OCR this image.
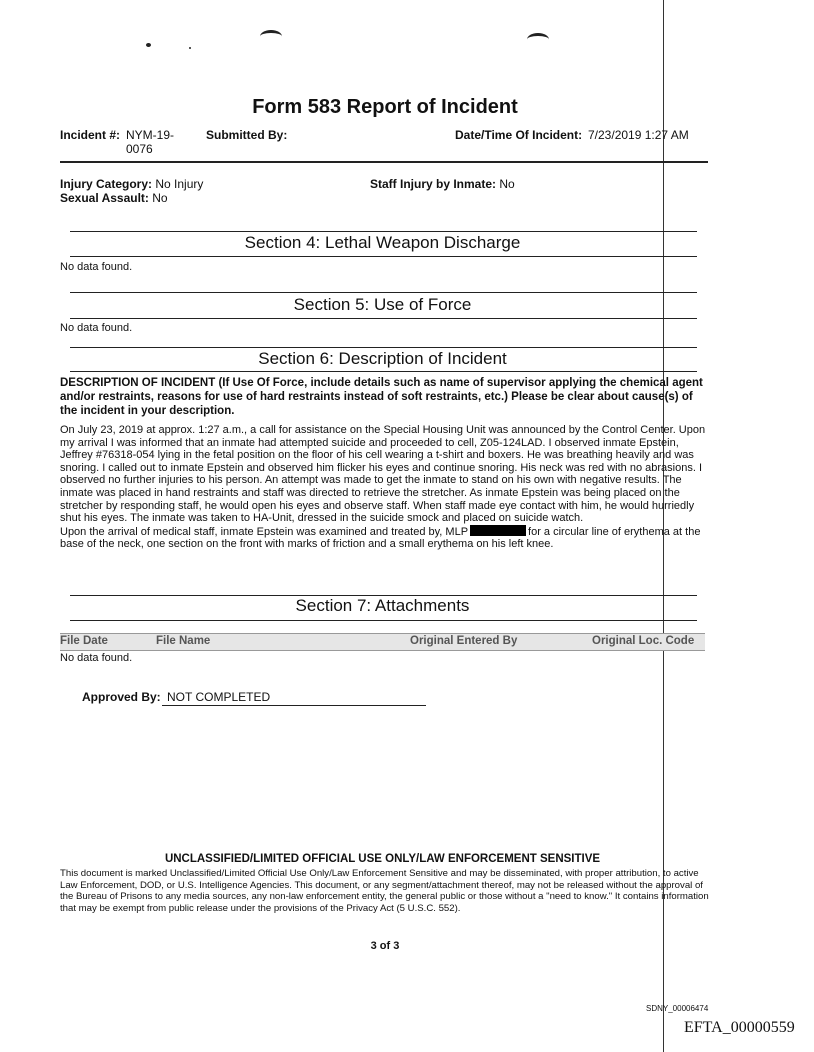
Form 583 Report of Incident
Incident #: NYM-19-
0076
Submitted By:	Date/Time Of Incident: 7/23/2019 1:27 AM
Injury Category: No Injury
Sexual Assault: No
Staff Injury by Inmate: No
Section 4: Lethal Weapon Discharge
No data found.
Section 5: Use of Force
No data found.
Section 6: Description of Incident
DESCRIPTION OF INCIDENT (If Use Of Force, include details such as name of supervisor applying the chemical agent and/or restraints, reasons for use of hard restraints instead of soft restraints, etc.) Please be clear about cause(s) of the incident in your description.
On July 23, 2019 at approx. 1:27 a.m., a call for assistance on the Special Housing Unit was announced by the Control Center. Upon my arrival I was informed that an inmate had attempted suicide and proceeded to cell, Z05-124LAD. I observed inmate Epstein, Jeffrey #76318-054 lying in the fetal position on the floor of his cell wearing a t-shirt and boxers. He was breathing heavily and was snoring. I called out to inmate Epstein and observed him flicker his eyes and continue snoring. His neck was red with no abrasions. I observed no further injuries to his person. An attempt was made to get the inmate to stand on his own with negative results. The inmate was placed in hand restraints and staff was directed to retrieve the stretcher. As inmate Epstein was being placed on the stretcher by responding staff, he would open his eyes and observe staff. When staff made eye contact with him, he would hurriedly shut his eyes. The inmate was taken to HA-Unit, dressed in the suicide smock and placed on suicide watch.
Upon the arrival of medical staff, inmate Epstein was examined and treated by, MLP	for a circular line of erythema at the base of the neck, one section on the front with marks of friction and a small erythema on his left knee.
Section 7: Attachments
File Date	File Name	Original Entered By	Original Loc. Code
No data found.
Approved By: NOT COMPLETED
UNCLASSIFIED/LIMITED OFFICIAL USE ONLY/LAW ENFORCEMENT SENSITIVE
This document is marked Unclassified/Limited Official Use Only/Law Enforcement Sensitive and may be disseminated, with proper attribution, to active Law Enforcement, DOD, or U.S. Intelligence Agencies. This document, or any segment/attachment thereof, may not be released without the approval of the Bureau of Prisons to any media sources, any non-law enforcement entity, the general public or those without a "need to know." It contains information that may be exempt from public release under the provisions of the Privacy Act (5 U.S.C. 552).
3 of 3
SDNY_00006474
EFTA_00000559
